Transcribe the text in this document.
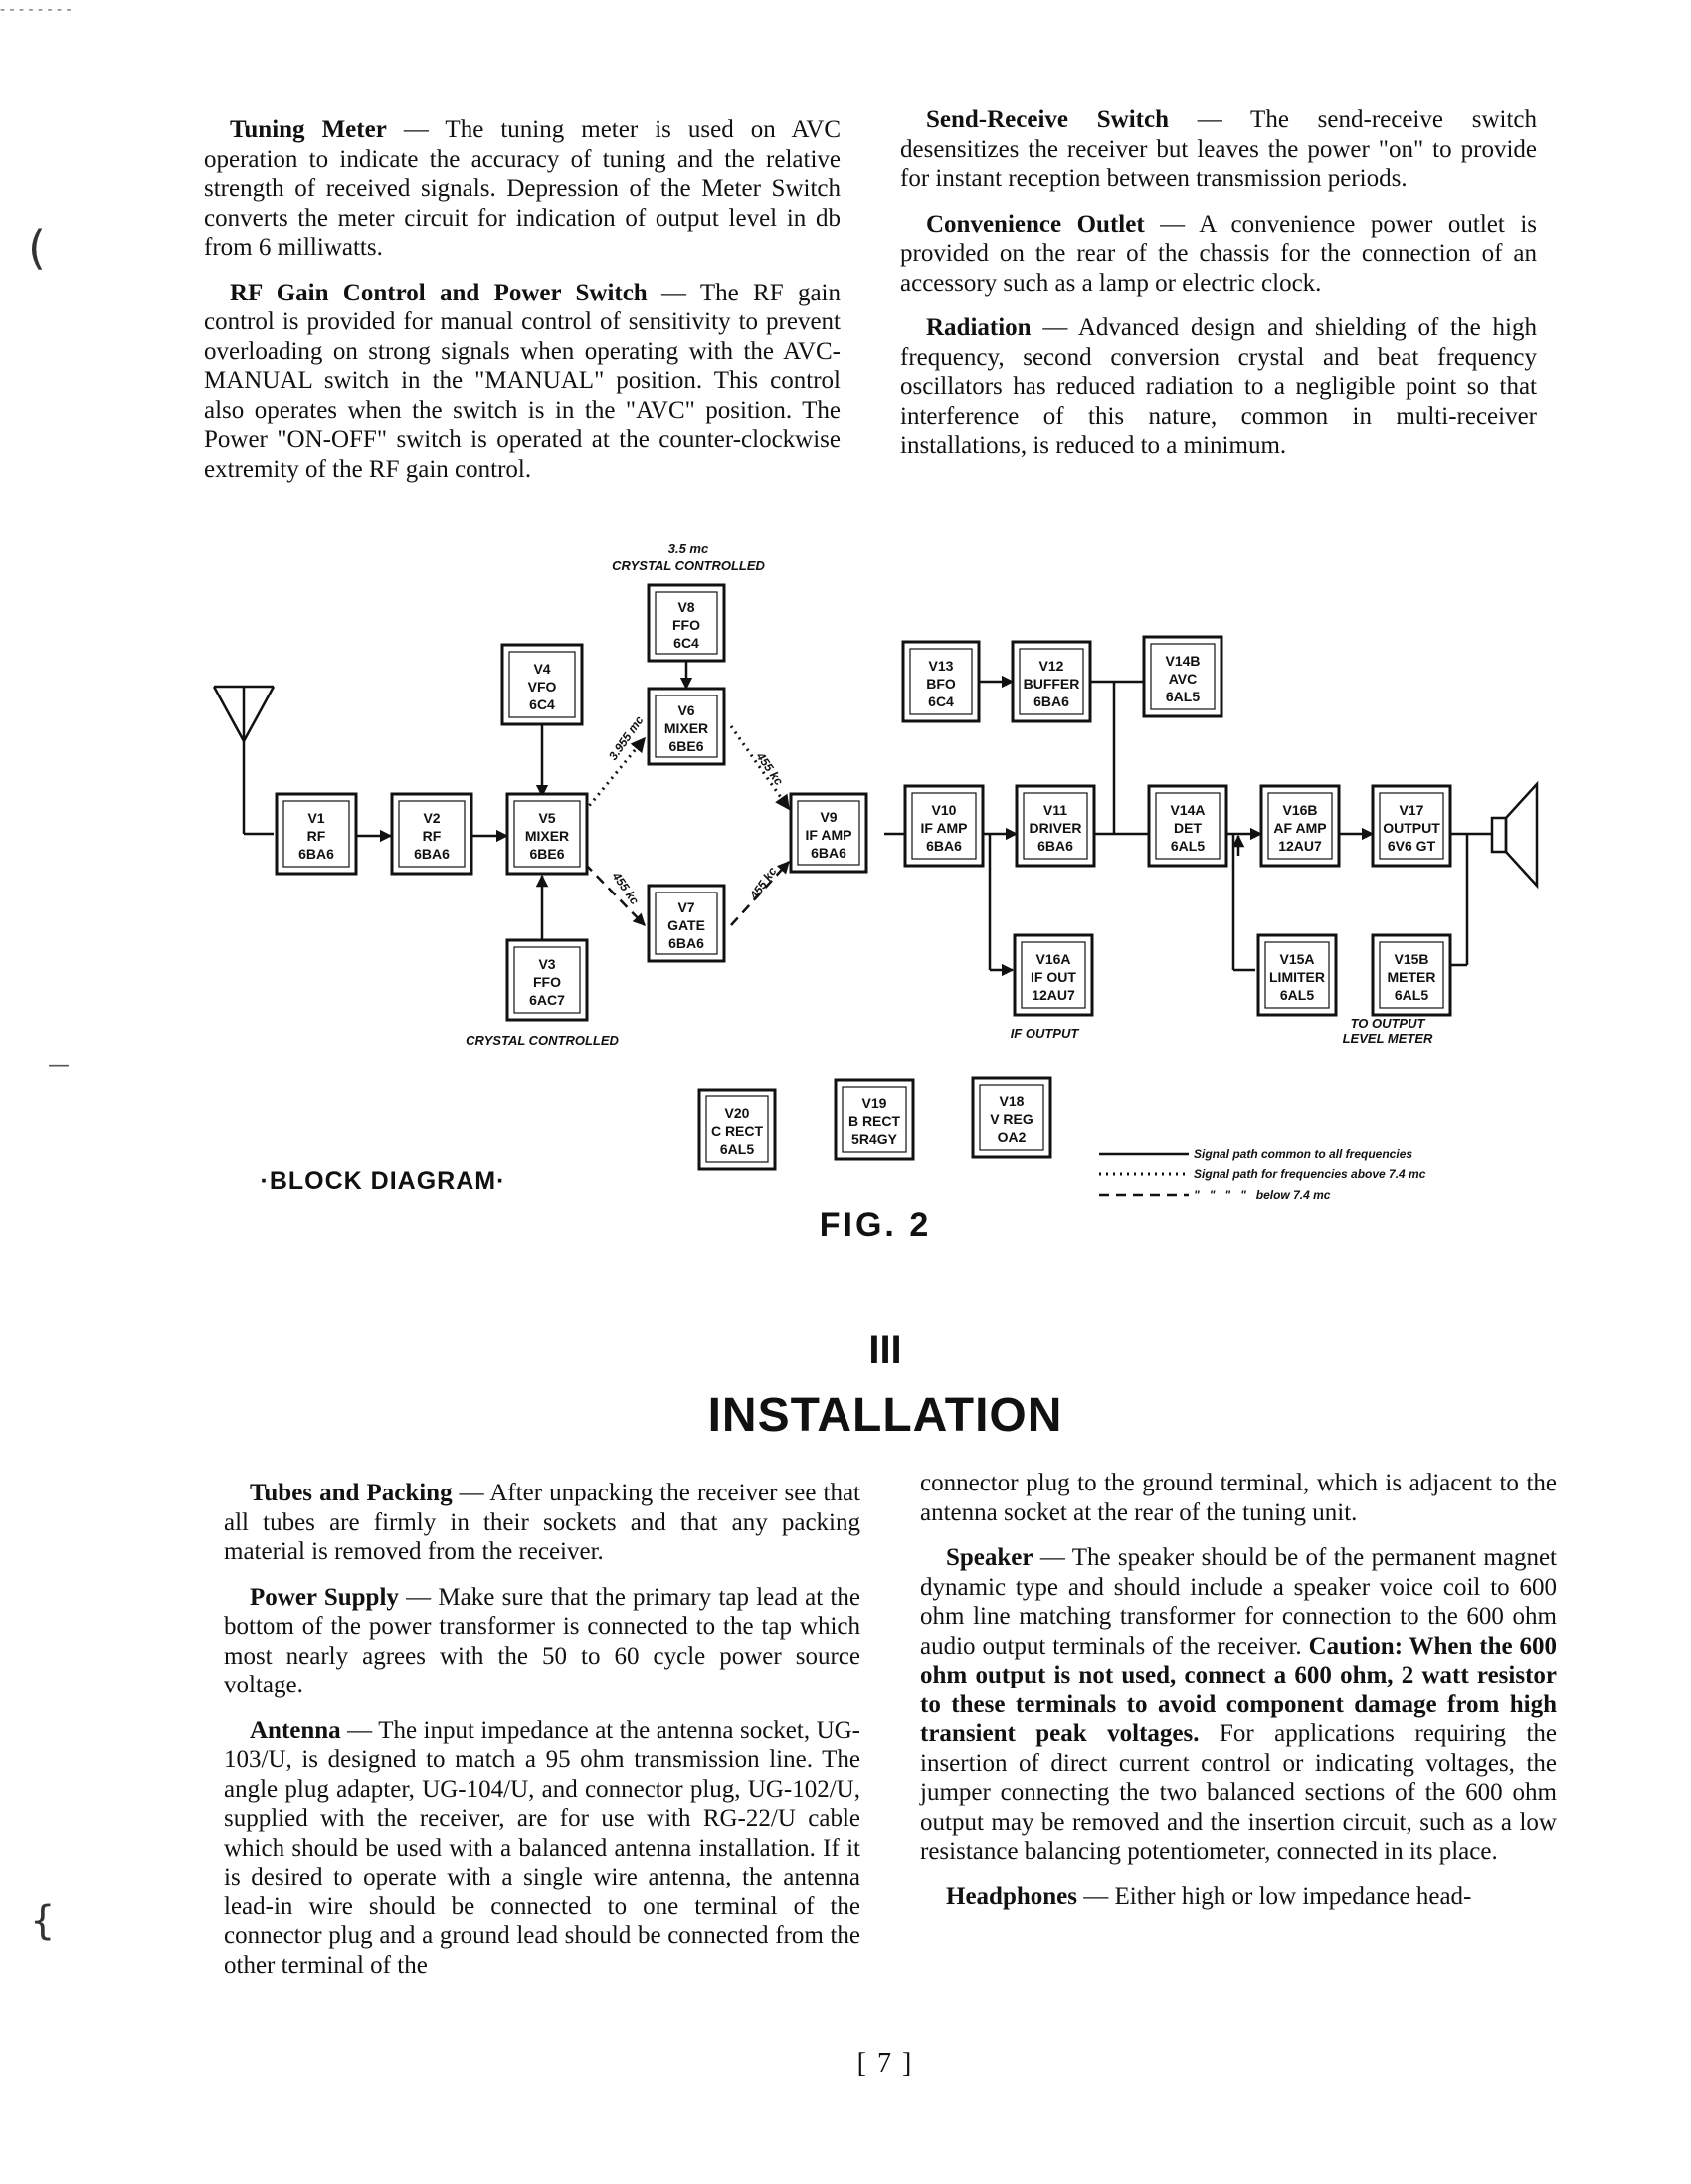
- - - - - - - -
(
—
{

Tuning Meter — The tuning meter is used on AVC operation to indicate the accuracy of tuning and the relative strength of received signals. Depression of the Meter Switch converts the meter circuit for indication of output level in db from 6 milliwatts.

RF Gain Control and Power Switch — The RF gain control is provided for manual control of sensitivity to prevent overloading on strong signals when operating with the AVC-MANUAL switch in the "MANUAL" position. This control also operates when the switch is in the "AVC" position. The Power "ON-OFF" switch is operated at the counter-clockwise extremity of the RF gain control.

Send-Receive Switch — The send-receive switch desensitizes the receiver but leaves the power "on" to provide for instant reception between transmission periods.

Convenience Outlet — A convenience power outlet is provided on the rear of the chassis for the connection of an accessory such as a lamp or electric clock.

Radiation — Advanced design and shielding of the high frequency, second conversion crystal and beat frequency oscillators has reduced radiation to a negligible point so that interference of this nature, common in multi-receiver installations, is reduced to a minimum.

3.5 mc
CRYSTAL CONTROLLED
3.955 mc
455 kc
455 kc	455 kc
V1
RF
6BA6
V2
RF
6BA6
V5
MIXER
6BE6
V4
VFO
6C4
V3
FFO
6AC7
V8
FFO
6C4
V6
MIXER
6BE6
V7
GATE
6BA6
V9
IF AMP
6BA6
V10
IF AMP
6BA6
V11
DRIVER
6BA6
V13
BFO
6C4
V12
BUFFER
6BA6
V14B
AVC
6AL5
V14A
DET
6AL5
V16B
AF AMP
12AU7
V17
OUTPUT
6V6 GT
V16A
IF OUT
12AU7
V15A
LIMITER
6AL5
V15B
METER
6AL5
V20
C RECT
6AL5
V19
B RECT
5R4GY
V18
V REG
OA2
CRYSTAL CONTROLLED	IF OUTPUT
TO OUTPUT
LEVEL METER
·BLOCK DIAGRAM·
FIG. 2
Signal path common to all frequencies
Signal path for frequencies above 7.4 mc
"   "   "   "   below 7.4 mc
III
INSTALLATION

Tubes and Packing — After unpacking the receiver see that all tubes are firmly in their sockets and that any packing material is removed from the receiver.

Power Supply — Make sure that the primary tap lead at the bottom of the power transformer is connected to the tap which most nearly agrees with the 50 to 60 cycle power source voltage.

Antenna — The input impedance at the antenna socket, UG-103/U, is designed to match a 95 ohm transmission line. The angle plug adapter, UG-104/U, and connector plug, UG-102/U, supplied with the receiver, are for use with RG-22/U cable which should be used with a balanced antenna installation. If it is desired to operate with a single wire antenna, the antenna lead-in wire should be connected to one terminal of the connector plug and a ground lead should be connected from the other terminal of the

connector plug to the ground terminal, which is adjacent to the antenna socket at the rear of the tuning unit.

Speaker — The speaker should be of the permanent magnet dynamic type and should include a speaker voice coil to 600 ohm line matching transformer for connection to the 600 ohm audio output terminals of the receiver. Caution: When the 600 ohm output is not used, connect a 600 ohm, 2 watt resistor to these terminals to avoid component damage from high transient peak voltages. For applications requiring the insertion of direct current control or indicating voltages, the jumper connecting the two balanced sections of the 600 ohm output may be removed and the insertion circuit, such as a low resistance balancing potentiometer, connected in its place.

Headphones — Either high or low impedance head-

[ 7 ]
